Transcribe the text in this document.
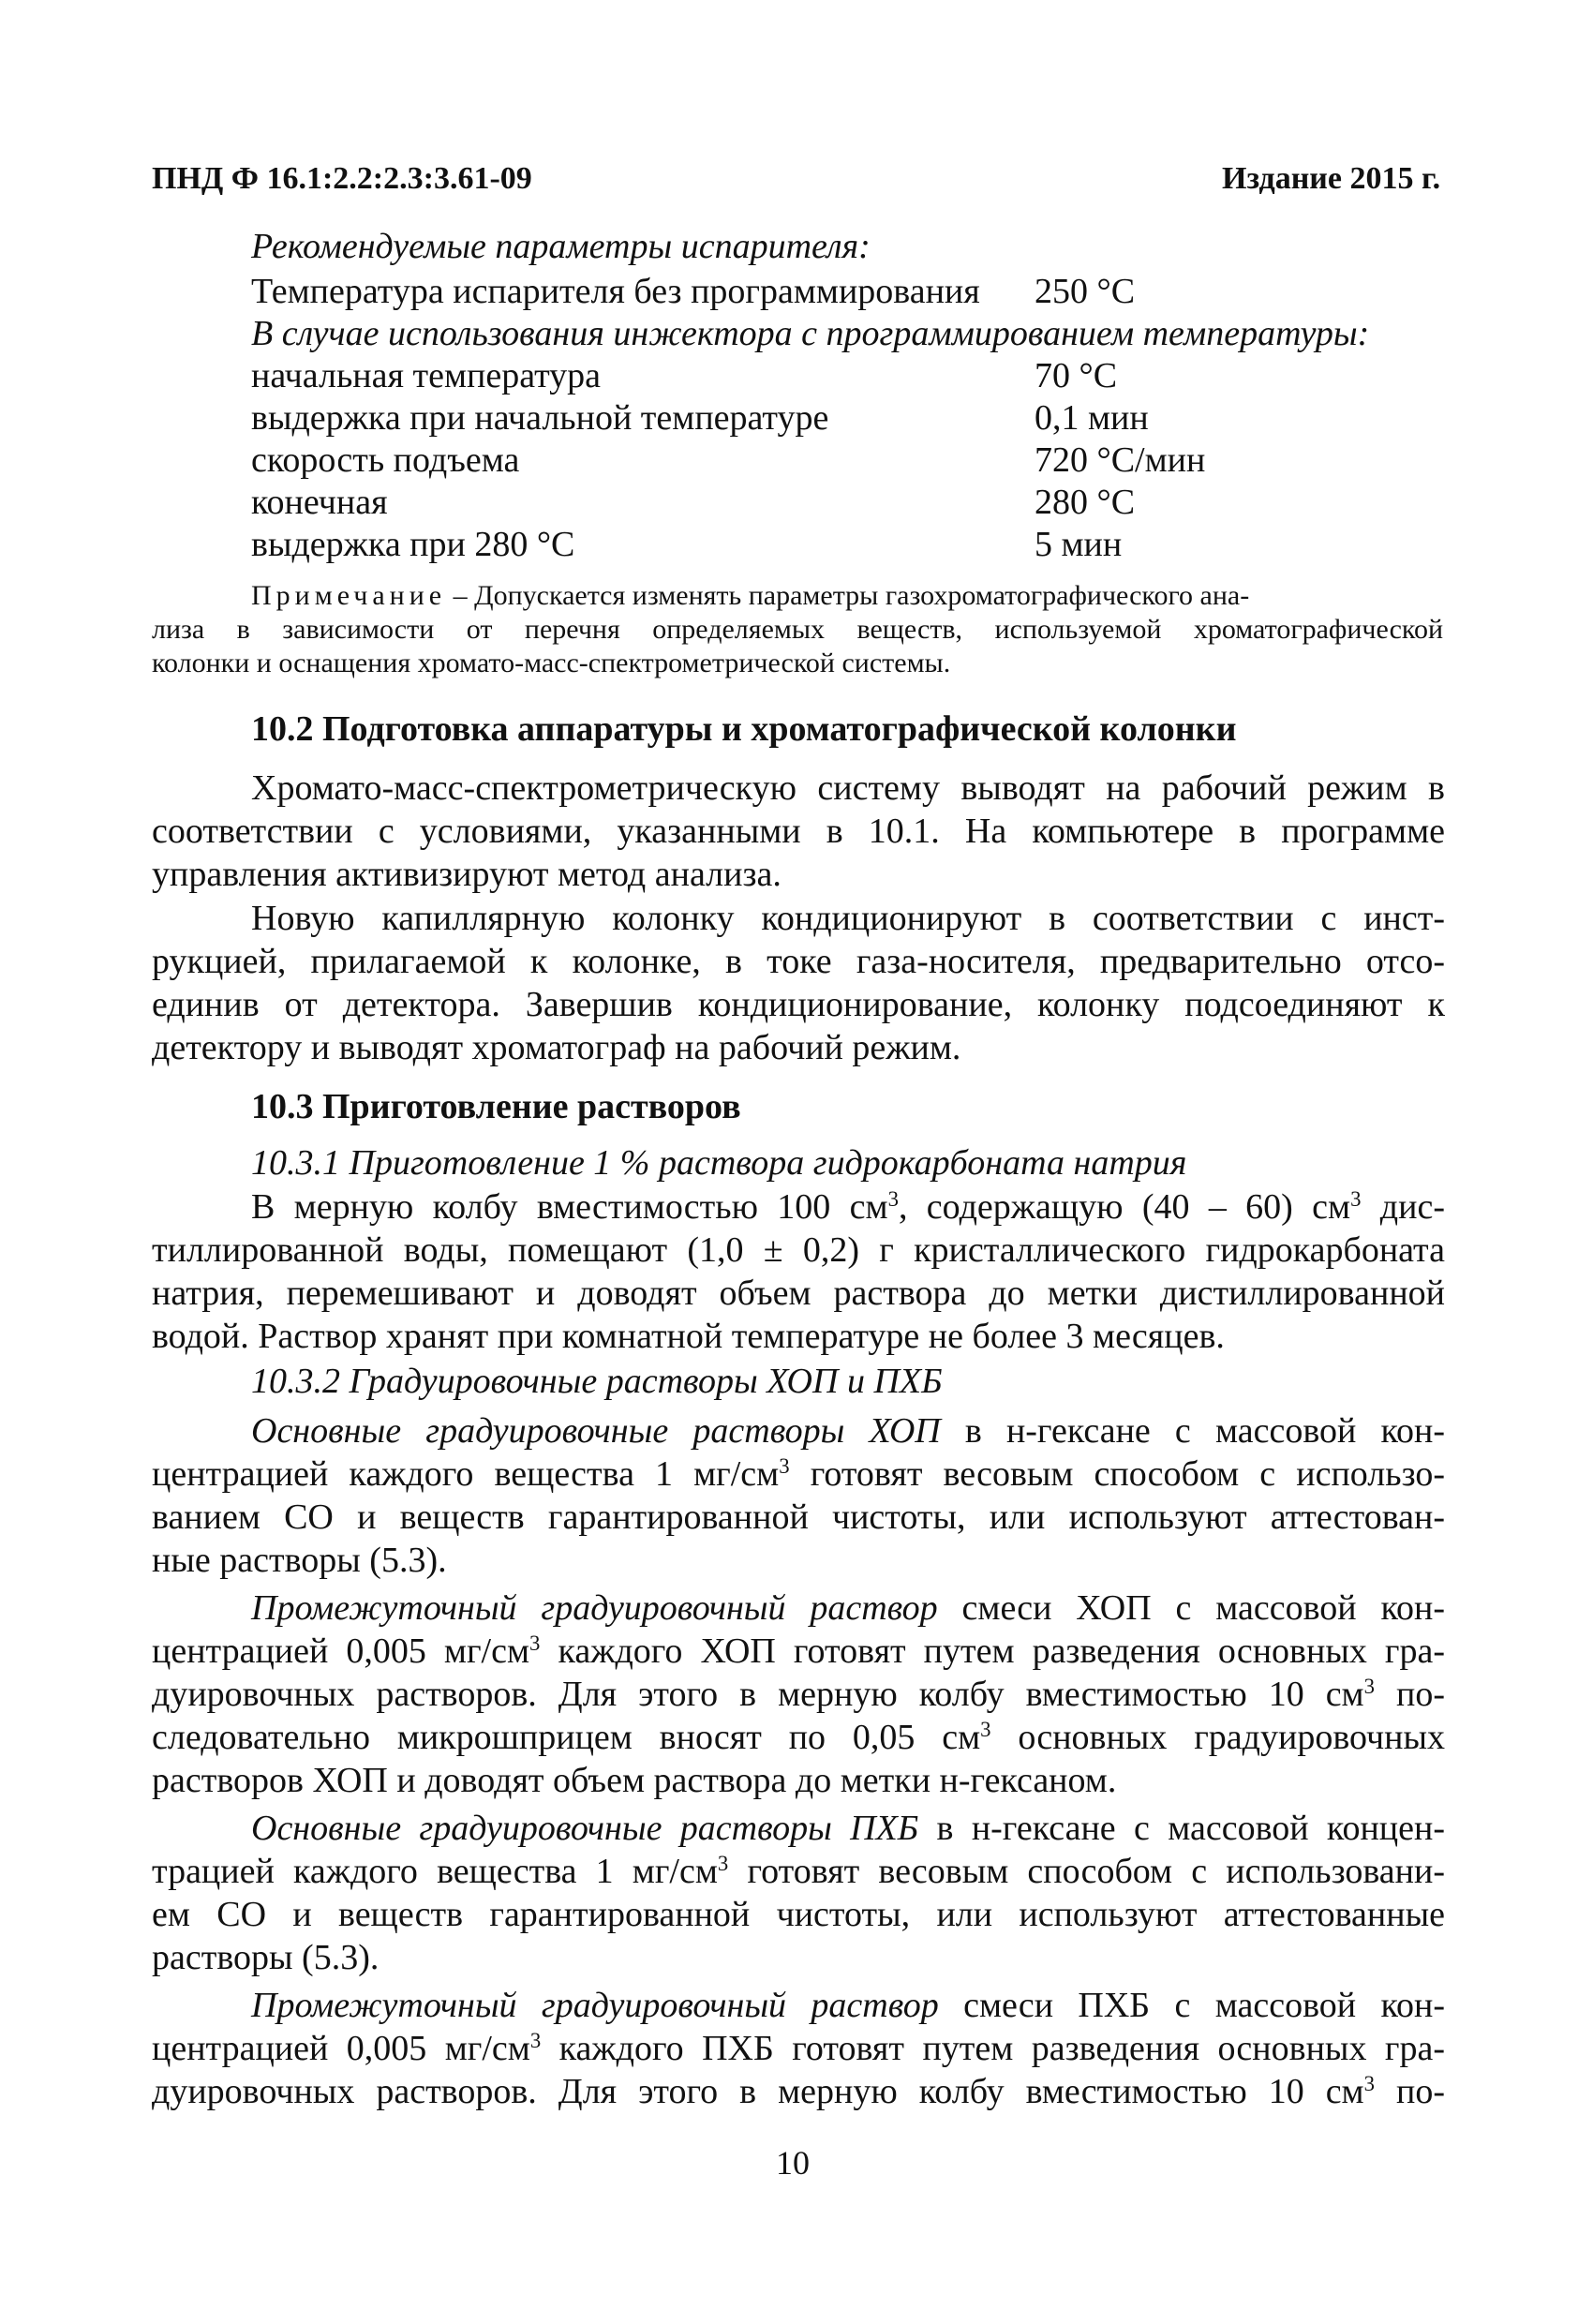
ПНД Ф 16.1:2.2:2.3:3.61-09	Издание 2015 г.
Рекомендуемые параметры испарителя:
Температура испарителя без программирования 250 °С
В случае использования инжектора с программированием температуры:
начальная температура	70 °С
выдержка при начальной температуре	0,1 мин
скорость подъема	720 °С/мин
конечная	280 °С
выдержка при 280 °С	5 мин
Примечание – Допускается изменять параметры газохроматографического ана-
лиза в зависимости от перечня определяемых веществ, используемой хроматографической
колонки и оснащения хромато-масс-спектрометрической системы.
10.2 Подготовка аппаратуры и хроматографической колонки
Хромато-масс-спектрометрическую систему выводят на рабочий режим в
соответствии с условиями, указанными в 10.1. На компьютере в программе
управления активизируют метод анализа.
Новую капиллярную колонку кондиционируют в соответствии с инст-
рукцией, прилагаемой к колонке, в токе газа-носителя, предварительно отсо-
единив от детектора. Завершив кондиционирование, колонку подсоединяют к
детектору и выводят хроматограф на рабочий режим.
10.3 Приготовление растворов
10.3.1 Приготовление 1 % раствора гидрокарбоната натрия
В мерную колбу вместимостью 100 $см^3$, содержащую (40 – 60) $см^3$ дис-
тиллированной воды, помещают (1,0 ± 0,2) г кристаллического гидрокарбоната
натрия, перемешивают и доводят объем раствора до метки дистиллированной
водой. Раствор хранят при комнатной температуре не более 3 месяцев.
10.3.2 Градуировочные растворы ХОП и ПХБ
Основные градуировочные растворы ХОП в н-гексане с массовой кон-
центрацией каждого вещества 1 $мг/см^3$ готовят весовым способом с использо-
ванием СО и веществ гарантированной чистоты, или используют аттестован-
ные растворы (5.3).
Промежуточный градуировочный раствор смеси ХОП с массовой кон-
центрацией 0,005 $мг/см^3$ каждого ХОП готовят путем разведения основных гра-
дуировочных растворов. Для этого в мерную колбу вместимостью 10 $см^3$ по-
следовательно микрошприцем вносят по 0,05 $см^3$ основных градуировочных
растворов ХОП и доводят объем раствора до метки н-гексаном.
Основные градуировочные растворы ПХБ в н-гексане с массовой концен-
трацией каждого вещества 1 $мг/см^3$ готовят весовым способом с использовани-
ем СО и веществ гарантированной чистоты, или используют аттестованные
растворы (5.3).
Промежуточный градуировочный раствор смеси ПХБ с массовой кон-
центрацией 0,005 $мг/см^3$ каждого ПХБ готовят путем разведения основных гра-
дуировочных растворов. Для этого в мерную колбу вместимостью 10 $см^3$ по-
10
